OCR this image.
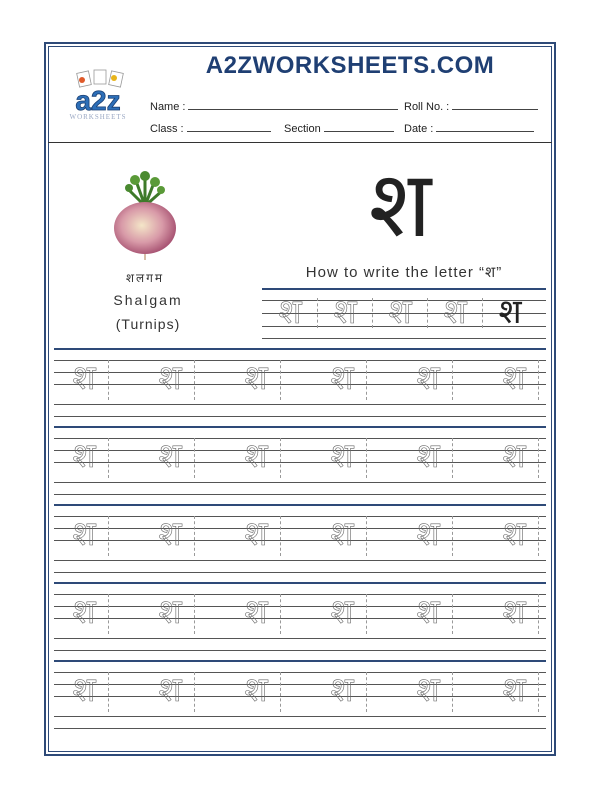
A2ZWORKSHEETS.COM
a2z
WORKSHEETS
Name :	Roll No. :
Class :	Section	Date :
शलगम
Shalgam
(Turnips)
श
How to write the letter “श”
श श श श श
श	श	श	श	श	श
श	श	श	श	श	श
श	श	श	श	श	श
श	श	श	श	श	श
श	श	श	श	श	श
